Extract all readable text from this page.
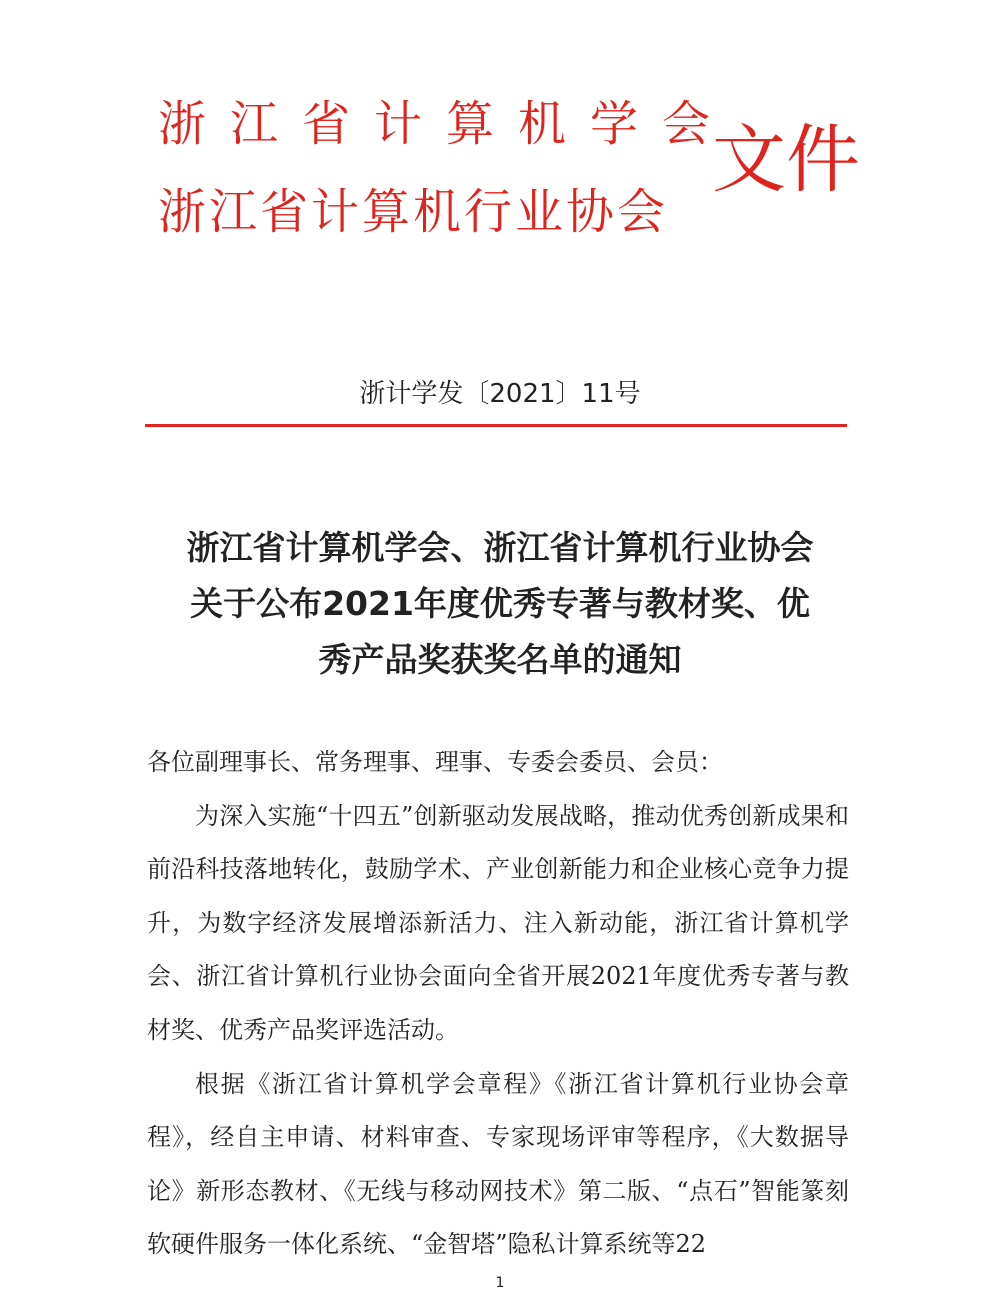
浙江省计算机学会
浙江省计算机行业协会
文件
浙计学发〔2021〕11号
浙江省计算机学会、浙江省计算机行业协会
关于公布2021年度优秀专著与教材奖、优
秀产品奖获奖名单的通知

各位副理事长、常务理事、理事、专委会委员、会员：

为深入实施“十四五”创新驱动发展战略，推动优秀创新成果和前沿科技落地转化，鼓励学术、产业创新能力和企业核心竞争力提升，为数字经济发展增添新活力、注入新动能，浙江省计算机学会、浙江省计算机行业协会面向全省开展2021年度优秀专著与教材奖、优秀产品奖评选活动。

根据《浙江省计算机学会章程》《浙江省计算机行业协会章程》，经自主申请、材料审查、专家现场评审等程序，《大数据导论》新形态教材、《无线与移动网技术》第二版、“点石”智能篆刻软硬件服务一体化系统、“金智塔”隐私计算系统等22

1
